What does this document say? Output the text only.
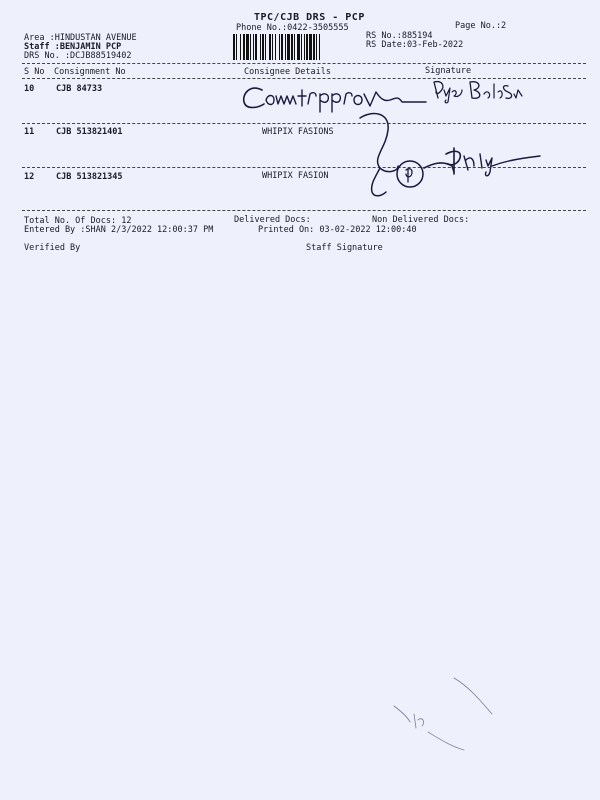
TPC/CJB DRS - PCP
Phone No.:0422-3505555	Page No.:2
Area :HINDUSTAN AVENUE
Staff :BENJAMIN PCP
DRS No. :DCJB88519402
RS No.:885194
RS Date:03-Feb-2022
S No Consignment No	Consignee Details	Signature
10	CJB 84733
11	CJB 513821401	WHIPIX FASIONS
12	CJB 513821345	WHIPIX FASION
Total No. Of Docs: 12	Delivered Docs:	Non Delivered Docs:
Entered By :SHAN 2/3/2022 12:00:37 PM	Printed On: 03-02-2022 12:00:40
Verified By	Staff Signature
